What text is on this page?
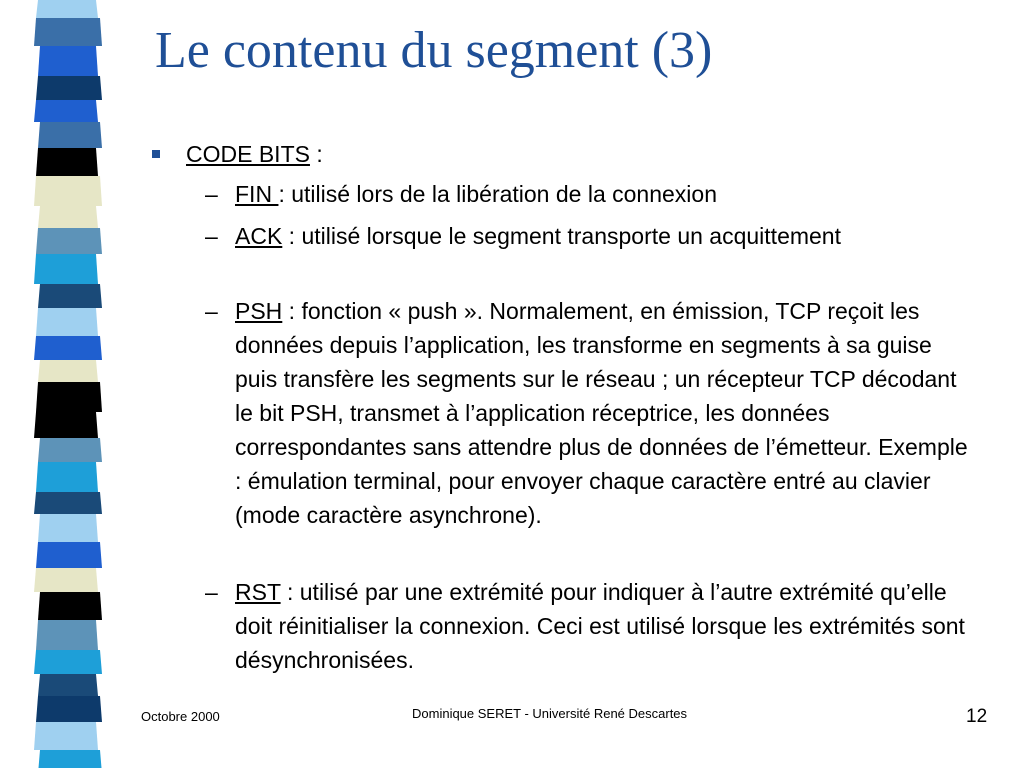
Le contenu du segment (3)
CODE BITS :
– FIN : utilisé lors de la libération de la connexion
– ACK : utilisé lorsque le segment transporte un acquittement
– PSH : fonction « push ». Normalement, en émission, TCP reçoit les données depuis l’application, les transforme en segments à sa guise puis transfère les segments sur le réseau ; un récepteur TCP décodant le bit PSH, transmet à l’application réceptrice, les données correspondantes sans attendre plus de données de l’émetteur. Exemple : émulation terminal, pour envoyer chaque caractère entré au clavier (mode caractère asynchrone).
– RST : utilisé par une extrémité pour indiquer à l’autre extrémité qu’elle doit réinitialiser la connexion. Ceci est utilisé lorsque les extrémités sont désynchronisées.
Octobre 2000	Dominique SERET - Université René Descartes	12
